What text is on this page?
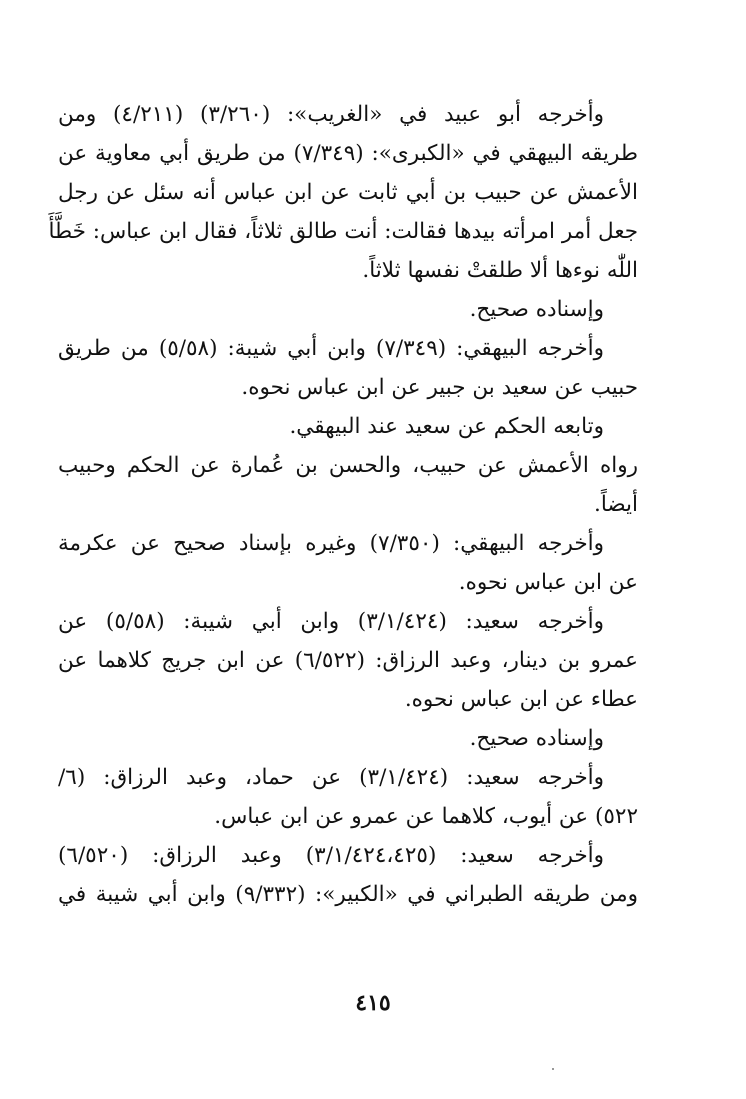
وأخرجه أبو عبيد في «الغريب»: (٣/٢٦٠) (٤/٢١١) ومن
طريقه البيهقي في «الكبرى»: (٧/٣٤٩) من طريق أبي معاوية عن
الأعمش عن حبيب بن أبي ثابت عن ابن عباس أنه سئل عن رجل
جعل أمر امرأته بيدها فقالت: أنت طالق ثلاثاً، فقال ابن عباس: خَطَّأَ
اللّٰه نوءها ألا طلقتْ نفسها ثلاثاً.
وإسناده صحيح.
وأخرجه البيهقي: (٧/٣٤٩) وابن أبي شيبة: (٥/٥٨) من طريق
حبيب عن سعيد بن جبير عن ابن عباس نحوه.
وتابعه الحكم عن سعيد عند البيهقي.
رواه الأعمش عن حبيب، والحسن بن عُمارة عن الحكم وحبيب
أيضاً.
وأخرجه البيهقي: (٧/٣٥٠) وغيره بإسناد صحيح عن عكرمة
عن ابن عباس نحوه.
وأخرجه سعيد: (٣/١/٤٢٤) وابن أبي شيبة: (٥/٥٨) عن
عمرو بن دينار، وعبد الرزاق: (٦/٥٢٢) عن ابن جريج كلاهما عن
عطاء عن ابن عباس نحوه.
وإسناده صحيح.
وأخرجه سعيد: (٣/١/٤٢٤) عن حماد، وعبد الرزاق: (٦/
٥٢٢) عن أيوب، كلاهما عن عمرو عن ابن عباس.
وأخرجه سعيد: (٣/١/٤٢٤،٤٢٥) وعبد الرزاق: (٦/٥٢٠)
ومن طريقه الطبراني في «الكبير»: (٩/٣٣٢) وابن أبي شيبة في
٤١٥
